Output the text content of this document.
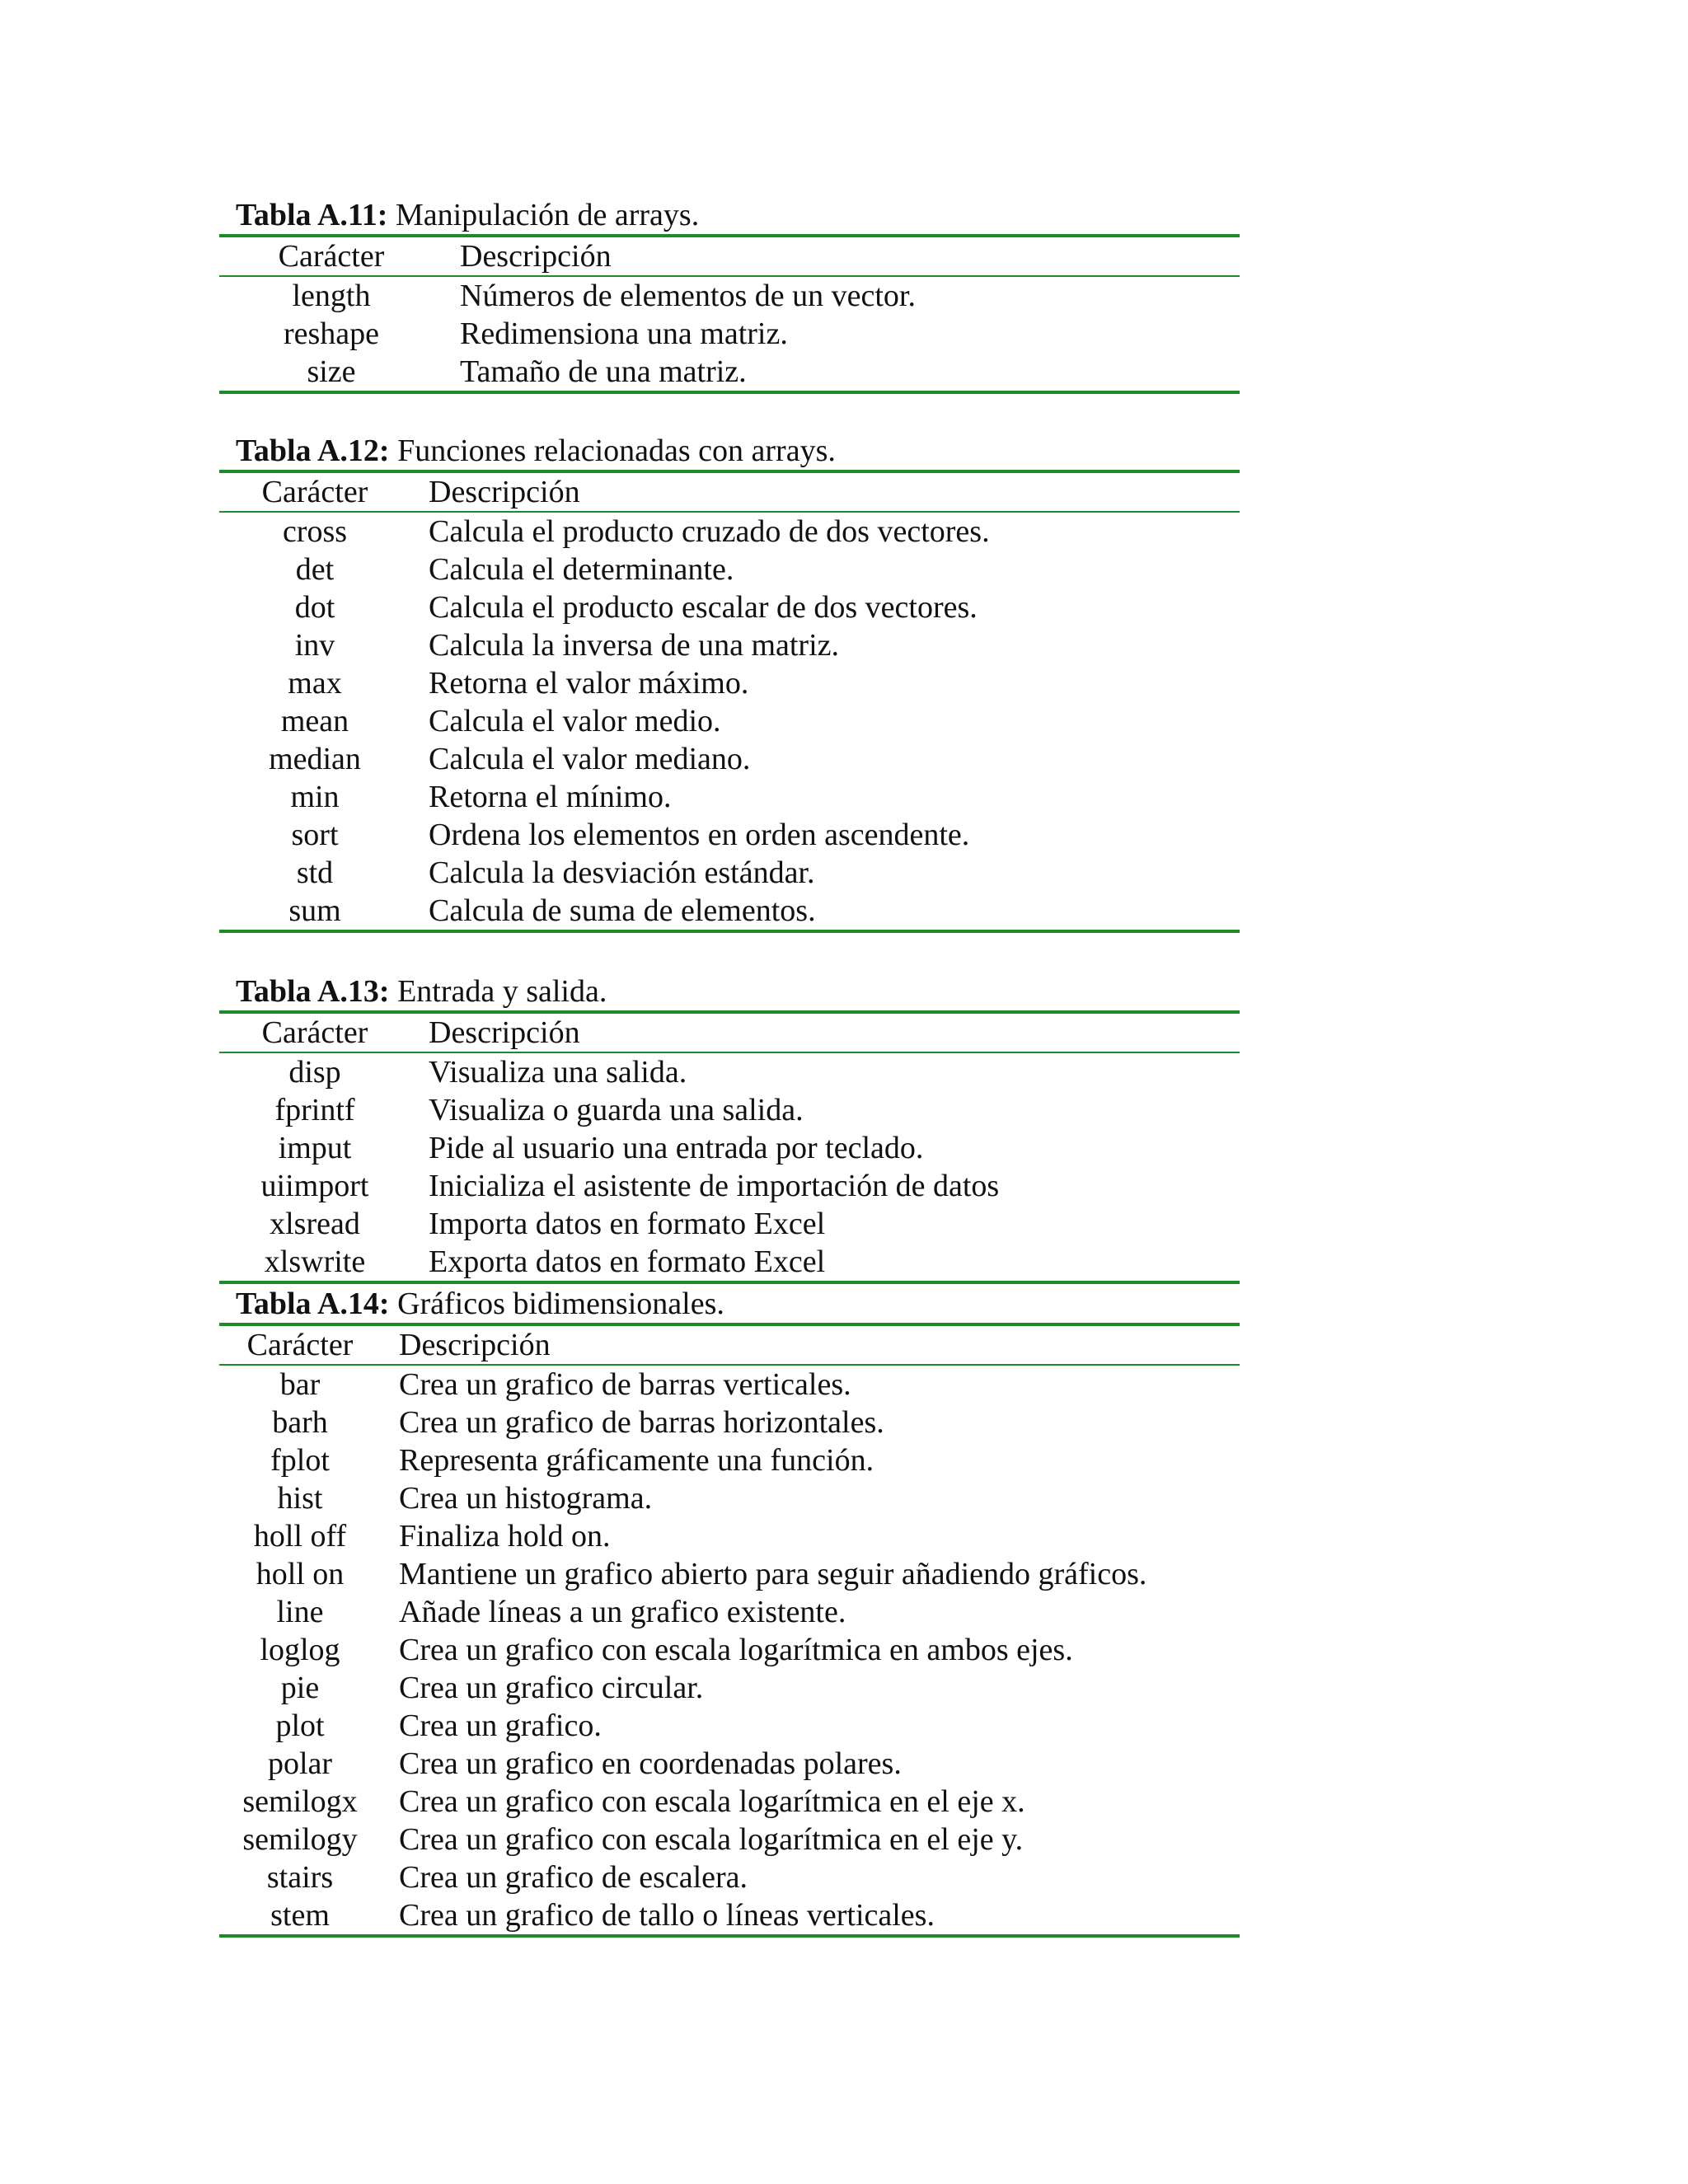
Tabla A.11: Manipulación de arrays.
Carácter	Descripción
length	Números de elementos de un vector.
reshape	Redimensiona una matriz.
size	Tamaño de una matriz.
Tabla A.12: Funciones relacionadas con arrays.
Carácter	Descripción
cross	Calcula el producto cruzado de dos vectores.
det	Calcula el determinante.
dot	Calcula el producto escalar de dos vectores.
inv	Calcula la inversa de una matriz.
max	Retorna el valor máximo.
mean	Calcula el valor medio.
median	Calcula el valor mediano.
min	Retorna el mínimo.
sort	Ordena los elementos en orden ascendente.
std	Calcula la desviación estándar.
sum	Calcula de suma de elementos.
Tabla A.13: Entrada y salida.
Carácter	Descripción
disp	Visualiza una salida.
fprintf	Visualiza o guarda una salida.
imput	Pide al usuario una entrada por teclado.
uiimport	Inicializa el asistente de importación de datos
xlsread	Importa datos en formato Excel
xlswrite	Exporta datos en formato Excel
Tabla A.14: Gráficos bidimensionales.
Carácter	Descripción
bar	Crea un grafico de barras verticales.
barh	Crea un grafico de barras horizontales.
fplot	Representa gráficamente una función.
hist	Crea un histograma.
holl off	Finaliza hold on.
holl on	Mantiene un grafico abierto para seguir añadiendo gráficos.
line	Añade líneas a un grafico existente.
loglog	Crea un grafico con escala logarítmica en ambos ejes.
pie	Crea un grafico circular.
plot	Crea un grafico.
polar	Crea un grafico en coordenadas polares.
semilogx	Crea un grafico con escala logarítmica en el eje x.
semilogy	Crea un grafico con escala logarítmica en el eje y.
stairs	Crea un grafico de escalera.
stem	Crea un grafico de tallo o líneas verticales.
